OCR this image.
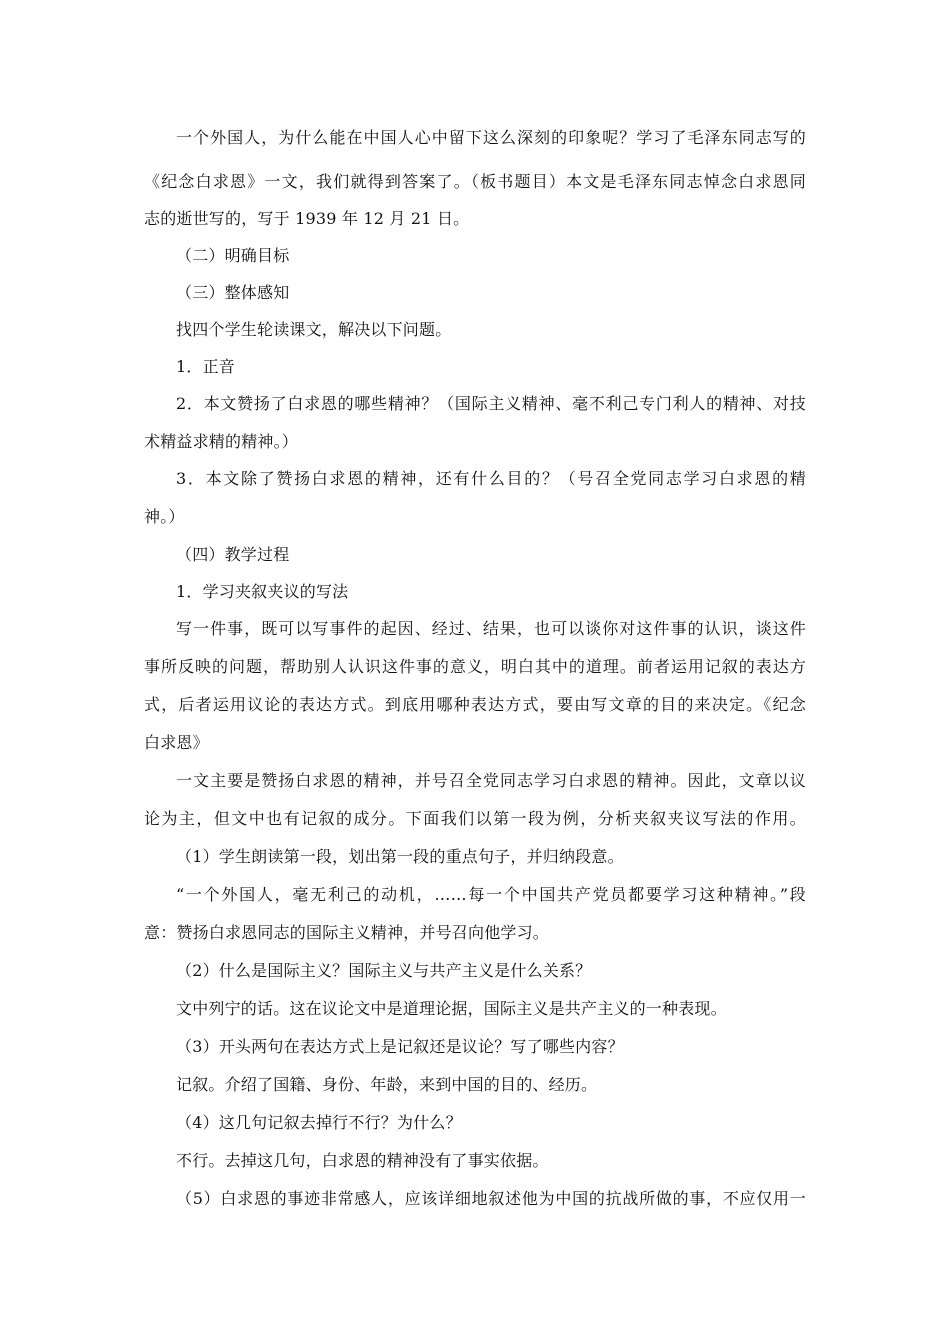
一个外国人，为什么能在中国人心中留下这么深刻的印象呢？学习了毛泽东同志写的
《纪念白求恩》一文，我们就得到答案了。（板书题目）本文是毛泽东同志悼念白求恩同
志的逝世写的，写于 1939 年 12 月 21 日。
（二）明确目标
（三）整体感知
找四个学生轮读课文，解决以下问题。
1．正音
2．本文赞扬了白求恩的哪些精神？（国际主义精神、毫不利己专门利人的精神、对技
术精益求精的精神。）
3．本文除了赞扬白求恩的精神，还有什么目的？（号召全党同志学习白求恩的精
神。）
（四）教学过程
1．学习夹叙夹议的写法
写一件事，既可以写事件的起因、经过、结果，也可以谈你对这件事的认识，谈这件
事所反映的问题，帮助别人认识这件事的意义，明白其中的道理。前者运用记叙的表达方
式，后者运用议论的表达方式。到底用哪种表达方式，要由写文章的目的来决定。《纪念
白求恩》
一文主要是赞扬白求恩的精神，并号召全党同志学习白求恩的精神。因此，文章以议
论为主，但文中也有记叙的成分。下面我们以第一段为例，分析夹叙夹议写法的作用。
（1）学生朗读第一段，划出第一段的重点句子，并归纳段意。
“一个外国人，毫无利己的动机，……每一个中国共产党员都要学习这种精神。”段
意：赞扬白求恩同志的国际主义精神，并号召向他学习。
（2）什么是国际主义？国际主义与共产主义是什么关系？
文中列宁的话。这在议论文中是道理论据，国际主义是共产主义的一种表现。
（3）开头两句在表达方式上是记叙还是议论？写了哪些内容？
记叙。介绍了国籍、身份、年龄，来到中国的目的、经历。
（4）这几句记叙去掉行不行？为什么？
不行。去掉这几句，白求恩的精神没有了事实依据。
（5）白求恩的事迹非常感人，应该详细地叙述他为中国的抗战所做的事，不应仅用一
